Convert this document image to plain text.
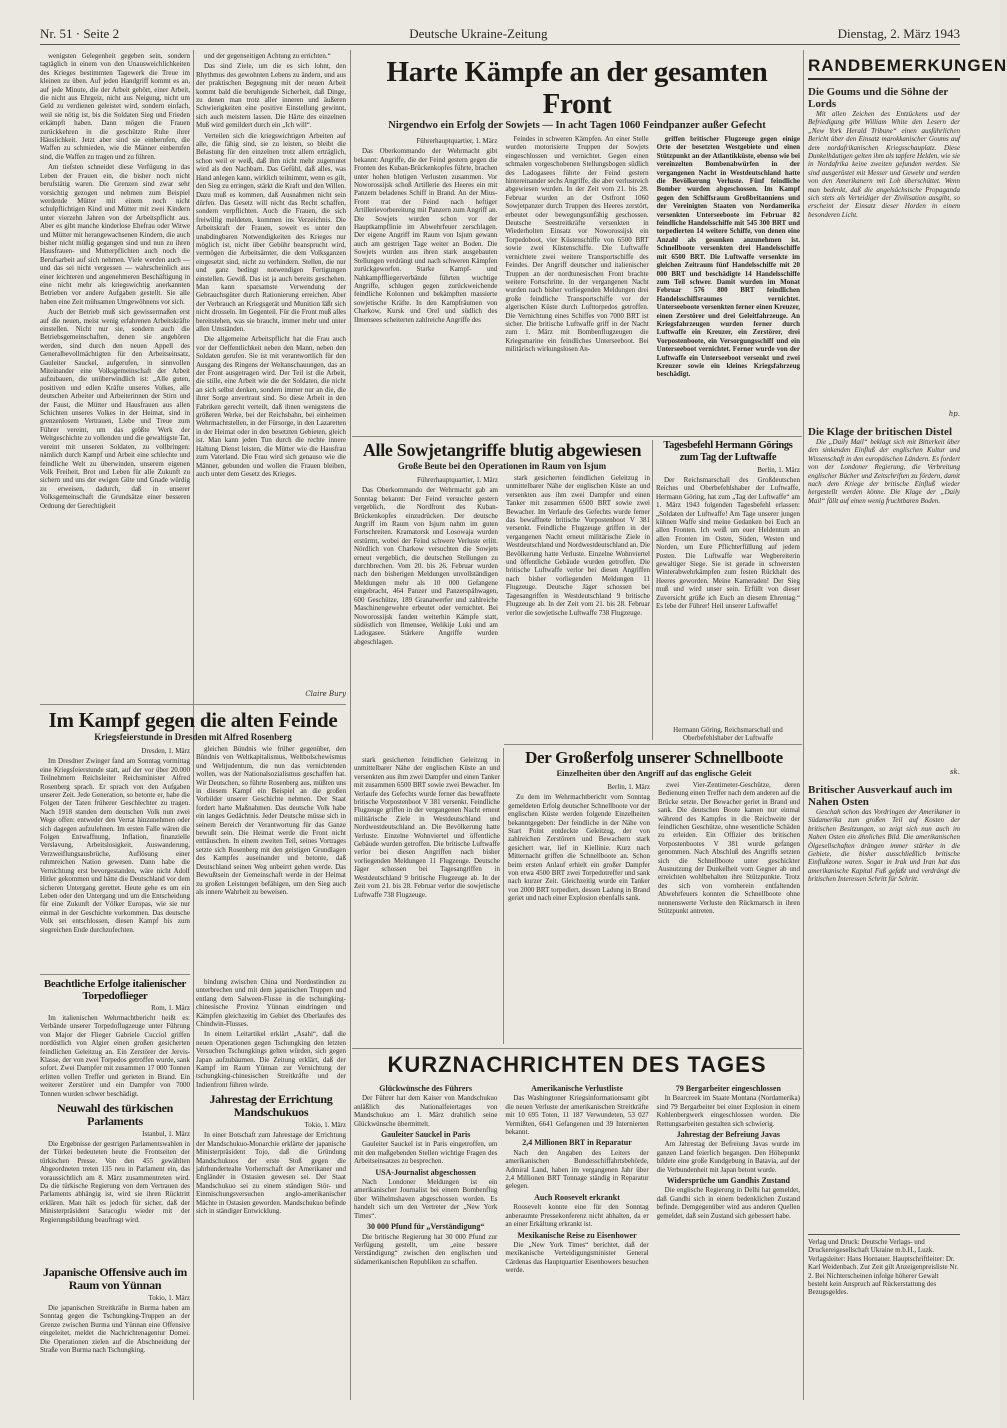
Nr. 51 · Seite 2	Deutsche Ukraine-Zeitung	Dienstag, 2. März 1943

wenigsten Gelegenheit gegeben sein, sondern tagtäglich in einem von den Unausweichlichkeiten des Krieges bestimmten Tagewerk die Treue im kleinen zu üben. Auf jeden Handgriff kommt es an, auf jede Minute, die der Arbeit gehört, einer Arbeit, die nicht aus Ehrgeiz, nicht aus Neigung, nicht um Geld zu verdienen geleistet wird, sondern einfach, weil sie nötig ist, bis die Soldaten Sieg und Frieden erkämpft haben. Dann mögen die Frauen zurückkehren in die geschützte Ruhe ihrer Häuslichkeit. Jetzt aber sind sie einberufen, die Waffen zu schmieden, wie die Männer einberufen sind, die Waffen zu tragen und zu führen.

Am tiefsten schneidet diese Verfügung in das Leben der Frauen ein, die bisher noch nicht berufstätig waren. Die Grenzen sind zwar sehr vorsichtig gezogen und nehmen zum Beispiel werdende Mütter mit einem noch nicht schulpflichtigen Kind und Mütter mit zwei Kindern unter vierzehn Jahren von der Arbeitspflicht aus. Aber es gibt manche kinderlose Ehefrau oder Witwe und Mütter mit herangewachsenen Kindern, die auch bisher nicht müßig gegangen sind und nun zu ihren Hausfrauen- und Mutterpflichten auch noch die Berufsarbeit auf sich nehmen. Viele werden auch — und das sei nicht vergessen — wahrscheinlich aus einer leichteren und angenehmeren Beschäftigung in eine nicht mehr als kriegswichtig anerkannten Betrieben vor andere Aufgaben gestellt. Sie alle haben eine Zeit mühsamen Umgewöhnens vor sich.

Auch der Betrieb muß sich gewissermaßen erst auf die neuen, meist wenig erfahrenen Arbeitskräfte einstellen. Nicht nur sie, sondern auch die Betriebsgemeinschaften, denen sie angehören werden, sind durch den neuen Appell des Generalbevollmächtigten für den Arbeitseinsatz, Gauleiter Sauckel, aufgerufen, in sinnvollen Miteinander eine Volksgemeinschaft der Arbeit aufzubauen, die unüberwindlich ist: „Alle guten, positiven und edlen Kräfte unseres Volkes, alle deutschen Arbeiter und Arbeiterinnen der Stirn und der Faust, die Mütter und Hausfrauen aus allen Schichten unseres Volkes in der Heimat, sind in grenzenlosem Vertrauen, Liebe und Treue zum Führer vereint, um das größte Werk der Weltgeschichte zu vollenden und die gewaltigste Tat, vereint mit unseren Soldaten, zu vollbringen: nämlich durch Kampf und Arbeit eine schlechte und feindliche Welt zu überwinden, unserem eigenen Volk Freiheit, Brot und Leben für alle Zukunft zu sichern und uns der ewigen Güte und Gnade würdig zu erweisen, dadurch, daß in unserer Volksgemeinschaft die Grundsätze einer besseren Ordnung der Gerechtigkeit

und der gegenseitigen Achtung zu errichten.“

Das sind Ziele, um die es sich lohnt, den Rhythmus des gewohnten Lebens zu ändern, und aus der praktischen Begegnung mit der neuen Arbeit kommt bald die beruhigende Sicherheit, daß Dinge, zu denen man trotz aller inneren und äußeren Schwierigkeiten eine positive Einstellung gewinnt, sich auch meistern lassen. Die Härte des einzelnen Muß wird gemildert durch ein „Ich will“.

Verteilen sich die kriegswichtigen Arbeiten auf alle, die fähig sind, sie zu leisten, so bleibt die Belastung für den einzelnen trotz allem erträglich, schon weil er weiß, daß ihm nicht mehr zugemutet wird als den Nachbarn. Das Gefühl, daß alles, was Hand anlegen kann, wirklich teilnimmt, wenn es gilt, den Sieg zu erringen, stärkt die Kraft und den Willen. Dazu muß es kommen, daß Ausnahmen nicht sein dürfen. Das Gesetz will nicht das Recht schaffen, sondern verpflichten. Auch die Frauen, die sich freiwillig meldeten, kommen ins Verzeichnis. Die Arbeitskraft der Frauen, soweit es unter den unabdingbaren Notwendigkeiten des Krieges nur möglich ist, nicht über Gebühr beansprucht wird, vermögen die Arbeitsämter, die dem Volksganzen eingesetzt sind, nicht zu verhindern. Stellen, die nur und ganz bedingt notwendigen Fertigungen einstellen. Gewiß. Das ist ja auch bereits geschehen. Man kann sparsamste Verwendung der Gebrauchsgüter durch Rationierung erreichen. Aber der Verbrauch an Kriegsgerät und Munition läßt sich nicht drosseln. Im Gegenteil. Für die Front muß alles bereitstehen, was sie braucht, immer mehr und unter allen Umständen.

Die allgemeine Arbeitspflicht hat die Frau auch vor der Oeffentlichkeit neben den Mann, neben den Soldaten gerufen. Sie ist mit verantwortlich für den Ausgang des Ringens der Weltanschauungen, das an der Front ausgetragen wird. Der Teil ist die Arbeit, die stille, eine Arbeit wie die der Soldaten, die nicht an sich selbst denken, sondern immer nur an die, die ihrer Sorge anvertraut sind. So diese Arbeit in den Fabriken gerecht verteilt, daß ihnen wenigstens die größeren Werke, bei der Reichsbahn, bei einheimen Wehrmachtstellen, in der Fürsorge, in den Lazaretten in der Heimat oder in den besetzten Gebieten, gleich ist. Man kann jeden Tun durch die rechte innere Haltung Dienst leisten, die Mütter wie die Hausfrau zum Vaterland. Die Frau wird sich genauso wie die Männer, gebunden und wollen die Frauen bleiben, auch unter dem Gesetz des Krieges.

Claire Bury
Im Kampf gegen die alten Feinde
Kriegsfeierstunde in Dresden mit Alfred Rosenberg
Dresden, 1. März

Im Dresdner Zwinger fand am Sonntag vormittag eine Kriegsfeierstunde statt, auf der vor über 20.000 Teilnehmern Reichsleiter Reichsminister Alfred Rosenberg sprach. Er sprach von den Aufgaben unserer Zeit. Jede Generation, so betonte er, habe die Folgen der Taten früherer Geschlechter zu tragen. Nach 1918 standen dem deutschen Volk nun zwei Wege offen: entweder den Verrat hinzunehmen oder sich dagegen aufzulehnen. Im ersten Falle wären die Folgen Entwaffnung, Inflation, finanzielle Verslavung, Arbeitslosigkeit, Auswanderung, Verzweiflungsausbrüche, Auflösung einer ruhmreichen Nation gewesen. Dann habe die Vernichtung erst bevorgestanden, wäre nicht Adolf Hitler gekommen und hätte die Deutschland vor dem sicheren Untergang gerettet. Heute gehe es um ein Leben oder den Untergang und um die Entscheidung für eine Zukunft der Völker Europas, wie sie nur einmal in der Geschichte vorkommen. Das deutsche Volk sei entschlossen, diesen Kampf bis zum siegreichen Ende durchzufechten.

gleichen Bündnis wie früher gegenüber, den Bündnis von Weltkapitalismus, Weltbolschewismus und Weltjudentum, die nun das vernichtenden wollen, was der Nationalsozialismus geschaffen hat. Wir Deutschen, so führte Rosenberg aus, müßten uns in diesem Kampf ein Beispiel an die großen Vorbilder unserer Geschichte nehmen. Der Staat fordert harte Maßnahmen. Das deutsche Volk habe ein langes Gedächtnis. Jeder Deutsche müsse sich in seinem Bereich der Verantwortung für das Ganze bewußt sein. Die Heimat werde die Front nicht enttäuschen. In einem zweiten Teil, seines Vortrages setzte sich Rosenberg mit den geistigen Grundlagen des Kampfes auseinander und betonte, daß Deutschland seinen Weg unbeirrt gehen werde. Das Bewußtsein der Gemeinschaft werde in der Heimat zu großen Leistungen befähigen, um den Sieg auch als innere Wahrheit zu beweisen.

Beachtliche Erfolge italienischer Torpedoflieger
Rom, 1. März

Im italienischen Wehrmachtbericht heißt es: Verbände unserer Torpedoflugzeuge unter Führung von Major der Flieger Gabriele Cucciol griffen nordöstlich von Algier einen großen gesicherten feindlichen Geleitzug an. Ein Zerstörer der Jervis-Klasse, der von zwei Torpedos getroffen wurde, sank sofort. Zwei Dampfer mit zusammen 17 000 Tonnen erlitten vollen Treffer und gerieten in Brand. Ein weiterer Zerstörer und ein Dampfer von 7000 Tonnen wurden schwer beschädigt.

Neuwahl des türkischen Parlaments
Istanbul, 1. März

Die Ergebnisse der gestrigen Parlamentswahlen in der Türkei bedeuteten heute die Frontseiten der türkischen Presse. Von den 455 gewählten Abgeordneten treten 135 neu in Parlament ein, das voraussichtlich am 8. März zusammentreten wird. Da die türkische Regierung von dem Vertrauen des Parlaments abhängig ist, wird sie ihren Rücktritt erklären. Man hält es jedoch für sicher, daß der Ministerpräsident Saracoglu wieder mit der Regierungsbildung beauftragt wird.

Japanische Offensive auch im Raum von Yünnan
Tokio, 1. März

Die japanischen Streitkräfte in Burma haben am Sonntag gegen die Tschungking-Truppen an der Grenze zwischen Burma und Yünnan eine Offensive eingeleitet, meldet die Nachrichtenagentur Domei. Die Operationen zielen auf die Abschneidung der Straße von Burma nach Tschungking.

bindung zwischen China und Nordostindien zu unterbrechen und mit dem japanischen Truppen und entlang dem Salween-Flusse in die tschungking-chinesische Provinz Yünnan eindringen und Kämpfen gleichzeitig im Gebiet des Oberlaufes des Chindwin-Flusses.

In einem Leitartikel erklärt „Asahi“, daß die neuen Operationen gegen Tschungking den letzten Versuchen Tschungkings gelten würden, sich gegen Japan aufzubäumen. Die Zeitung erklärt, daß der Kampf im Raum Yünnan zur Vernichtung der tschungking-chinesischen Streitkräfte und der Indienfront führen würde.

Jahrestag der Errichtung Mandschukuos
Tokio, 1. März

In einer Botschaft zum Jahrestage der Errichtung der Mandschukuo-Monarchie erklärte der japanische Ministerpräsident Tojo, daß die Gründung Mandschukuos der erste Stoß gegen die jahrhundertealte Vorherrschaft der Amerikaner und Engländer in Ostasien gewesen sei. Der Staat Mandschukuo sei zu einem ständigen Stör- und Einmischungsversuchen anglo-amerikanischer Mächte in Ostasien geworden. Mandschukuo befinde sich in ständiger Entwicklung.

Harte Kämpfe an der gesamten Front
Nirgendwo ein Erfolg der Sowjets — In acht Tagen 1060 Feindpanzer außer Gefecht
Führerhauptquartier, 1. März

Das Oberkommando der Wehrmacht gibt bekannt: Angriffe, die der Feind gestern gegen die Fronten des Kuban-Brückenkopfes führte, brachen unter hohen blutigen Verlusten zusammen. Vor Noworossijsk schoß Artillerie des Heeres ein mit Panzern beladenes Schiff in Brand. An der Mius-Front trat der Feind nach heftiger Artillerievorbereitung mit Panzern zum Angriff an. Die Sowjets wurden schon vor der Hauptkampflinie im Abwehrfeuer zerschlagen. Der eigene Angriff im Raum von Isjum gewann auch am gestrigen Tage weiter an Boden. Die Sowjets wurden aus ihren stark ausgebauten Stellungen verdrängt und nach schweren Kämpfen zurückgeworfen. Starke Kampf- und Nahkampffliegerverbände führten wuchtige Angriffe, schlugen gegen zurückweichende feindliche Kolonnen und bekämpften massierte sowjetische Kräfte. In den Kampfräumen von Charkow, Kursk und Orel und südlich des Ilmensees scheiterten zahlreiche Angriffe des

Feindes in schweren Kämpfen. An einer Stelle wurden motorisierte Truppen der Sowjets eingeschlossen und vernichtet. Gegen einen schmalen vorgeschobenen Stellungsbogen südlich des Ladogasees führte der Feind gestern hintereinander sechs Angriffe, die aber verlustreich abgewiesen wurden. In der Zeit vom 21. bis 28. Februar wurden an der Ostfront 1060 Sowjetpanzer durch Truppen des Heeres zerstört, erbeutet oder bewegungsunfähig geschossen. Deutsche Seestreitkräfte versenkten in Wiederholten Einsatz vor Noworossijsk ein Torpedoboot, vier Küstenschiffe von 6500 BRT sowie zwei Küstenschiffe. Die Luftwaffe vernichtete zwei weitere Transportschiffe des Feindes. Der Angriff deutscher und italienischer Truppen an der nordtunesischen Front brachte weitere Fortschritte. In der vergangenen Nacht wurden nach bisher vorliegenden Meldungen drei große feindliche Transportschiffe vor der algerischen Küste durch Lufttorpedos getroffen. Die Vernichtung eines Schiffes von 7000 BRT ist sicher. Die britische Luftwaffe griff in der Nacht zum 1. März mit Bombenflugzeugen die Kriegsmarine ein feindliches Unterseeboot. Bei militärisch wirkungslosen An-

griffen britischer Flugzeuge gegen einige Orte der besetzten Westgebiete und einen Stützpunkt an der Atlantikküste, ebenso wie bei vereinzelten Bombenabwürfen in der vergangenen Nacht in Westdeutschland hatte die Bevölkerung Verluste. Fünf feindliche Bomber wurden abgeschossen. Im Kampf gegen den Schiffsraum Großbritanniens und der Vereinigten Staaten von Nordamerika versenkten Unterseeboote im Februar 82 feindliche Handelsschiffe mit 545 300 BRT und torpedierten 14 weitere Schiffe, von denen eine Anzahl als gesunken anzunehmen ist. Schnellboote versenkten drei Handelsschiffe mit 6500 BRT. Die Luftwaffe versenkte im gleichen Zeitraum fünf Handelsschiffe mit 20 000 BRT und beschädigte 14 Handelsschiffe zum Teil schwer. Damit wurden im Monat Februar 576 800 BRT feindlichen Handelsschiffsraumes vernichtet. Unterseeboote versenkten ferner einen Kreuzer, einen Zerstörer und drei Geleitfahrzeuge. An Kriegsfahrzeugen wurden ferner durch Luftwaffe ein Kreuzer, ein Zerstörer, drei Vorpostenboote, ein Versorgungsschiff und ein Unterseeboot vernichtet. Ferner wurde von der Luftwaffe ein Unterseeboot versenkt und zwei Kreuzer sowie ein kleines Kriegsfahrzeug beschädigt.

Alle Sowjetangriffe blutig abgewiesen
Große Beute bei den Operationen im Raum von Isjum
Führerhauptquartier, 1. März

Das Oberkommando der Wehrmacht gab am Sonntag bekannt: Der Feind versuchte gestern vergeblich, die Nordfront des Kuban-Brückenkopfes einzudrücken. Der deutsche Angriff im Raum von Isjum nahm im guten Fortschreiten. Kramatorsk und Losowaja wurden erstürmt, wobei der Feind schwere Verluste erlitt. Nördlich von Charkow versuchten die Sowjets erneut vergeblich, die deutschen Stellungen zu durchbrechen. Vom 20. bis 26. Februar wurden nach den bisherigen Meldungen unvollständigen Meldungen mehr als 10 000 Gefangene eingebracht, 464 Panzer und Panzerspähwagen, 600 Geschütze, 189 Granatwerfer und zahlreiche Maschinengewehre erbeutet oder vernichtet. Bei Noworossijsk fanden weiterhin Kämpfe statt, südöstlich von Ilmensee, Welikije Luki und am Ladogasee. Stärkere Angriffe wurden abgeschlagen.

stark gesicherten feindlichen Geleitzug in unmittelbarer Nähe der englischen Küste an und versenkten aus ihm zwei Dampfer und einen Tanker mit zusammen 6500 BRT sowie zwei Bewacher. Im Verlaufe des Gefechts wurde ferner das bewaffnete britische Vorpostenboot V 381 versenkt. Feindliche Flugzeuge griffen in der vergangenen Nacht erneut militärische Ziele in Westdeutschland und Nordwestdeutschland an. Die Bevölkerung hatte Verluste. Einzelne Wohnviertel und öffentliche Gebäude wurden getroffen. Die britische Luftwaffe verlor bei diesen Angriffen nach bisher vorliegenden Meldungen 11 Flugzeuge. Deutsche Jäger schossen bei Tagesangriffen in Westdeutschland 9 britische Flugzeuge ab. In der Zeit vom 21. bis 28. Februar verlor die sowjetische Luftwaffe 738 Flugzeuge.

Tagesbefehl Hermann Görings zum Tag der Luftwaffe
Berlin, 1. März

Der Reichsmarschall des Großdeutschen Reiches und Oberbefehlshaber der Luftwaffe, Hermann Göring, hat zum „Tag der Luftwaffe“ am 1. März 1943 folgenden Tagesbefehl erlassen: „Soldaten der Luftwaffe! Am Tage unserer jungen kühnen Waffe sind meine Gedanken bei Euch an allen Fronten. Ich weiß um euer Heldentum an allen Fronten im Osten, Süden, Westen und Norden, um Eure Pflichterfüllung auf jedem Posten. Die Luftwaffe war Wegbereiterin gewaltiger Siege. Sie ist gerade in schwersten Winterabwehrkämpfen zum festen Rückhalt des Heeres geworden. Meine Kameraden! Der Sieg muß und wird unser sein. Erfüllt von dieser Zuversicht grüße ich Euch an diesem Ehrentag.“ Es lebe der Führer! Heil unserer Luftwaffe!

Hermann Göring, Reichsmarschall und Oberbefehlshaber der Luftwaffe
Der Großerfolg unserer Schnellboote
Einzelheiten über den Angriff auf das englische Geleit
Berlin, 1. März

Zu dem im Wehrmachtbericht vom Sonntag gemeldeten Erfolg deutscher Schnellboote vor der englischen Küste werden folgende Einzelheiten bekanntgegeben: Der feindliche in der Nähe von Start Point entdeckte Geleitzug, der von zahlreichen Zerstörern und Bewachern stark gesichert war, lief in Kiellinie. Kurz nach Mitternacht griffen die Schnellboote an. Schon beim ersten Anlauf erhielt ein großer Dampfer von etwa 4500 BRT zwei Torpedotreffer und sank nach kurzer Zeit. Gleichzeitig wurde ein Tanker von 2000 BRT torpediert, dessen Ladung in Brand geriet und nach einer Explosion ebenfalls sank.

zwei Vier-Zentimeter-Geschütze, deren Bedienung einen Treffer nach dem anderen auf die Brücke setzte. Der Bewacher geriet in Brand und sank. Die deutschen Boote kamen nur einmal während des Kampfes in die Reichweite der feindlichen Geschütze, ohne wesentliche Schäden zu erleiden. Ein Offizier des britischen Vorpostenbootes V 381 wurde gefangen genommen. Nach Abschluß des Angriffs setzten sich die Schnellboote unter geschickter Ausnutzung der Dunkelheit vom Gegner ab und erreichten wohlbehalten ihre Stützpunkte. Trotz des sich von vornherein entfaltenden Abwehrfeuers konnten die Schnellboote ohne nennenswerte Verluste den Rückmarsch in ihren Stützpunkt antreten.

stark gesicherten feindlichen Geleitzug in unmittelbarer Nähe der englischen Küste an und versenkten aus ihm zwei Dampfer und einen Tanker mit zusammen 6500 BRT sowie zwei Bewacher. Im Verlaufe des Gefechts wurde ferner das bewaffnete britische Vorpostenboot V 381 versenkt. Feindliche Flugzeuge griffen in der vergangenen Nacht erneut militärische Ziele in Westdeutschland und Nordwestdeutschland an. Die Bevölkerung hatte Verluste. Einzelne Wohnviertel und öffentliche Gebäude wurden getroffen. Die britische Luftwaffe verlor bei diesen Angriffen nach bisher vorliegenden Meldungen 11 Flugzeuge. Deutsche Jäger schossen bei Tagesangriffen in Westdeutschland 9 britische Flugzeuge ab. In der Zeit vom 21. bis 28. Februar verlor die sowjetische Luftwaffe 738 Flugzeuge.

KURZNACHRICHTEN DES TAGES
Glückwünsche des Führers

Der Führer hat dem Kaiser von Mandschukuo anläßlich des Nationalfeiertages von Mandschukuo am 1. März drahtlich seine Glückwünsche übermittelt.

Gauleiter Sauckel in Paris

Gauleiter Sauckel ist in Paris eingetroffen, um mit den maßgebenden Stellen wichtige Fragen des Arbeitseinsatzes zu besprechen.

USA-Journalist abgeschossen

Nach Londoner Meldungen ist ein amerikanischer Journalist bei einem Bombenflug über Wilhelmshaven abgeschossen worden. Es handelt sich um den Vertreter der „New York Times“.

30 000 Pfund für „Verständigung“

Die britische Regierung hat 30 000 Pfund zur Verfügung gestellt, um „eine bessere Verständigung“ zwischen den englischen und südamerikanischen Republiken zu schaffen.

Amerikanische Verlustliste

Das Washingtoner Kriegsinformationsamt gibt die neuen Verluste der amerikanischen Streitkräfte mit 10 695 Toten, 11 187 Verwundeten, 53 027 Vermißten, 6641 Gefangenen und 39 Internierten bekannt.

2,4 Millionen BRT in Reparatur

Nach den Angaben des Leiters der amerikanischen Bundesschiffahrtsbehörde, Admiral Land, haben im vergangenen Jahr über 2,4 Millionen BRT Tonnage ständig in Reparatur gelegen.

Auch Roosevelt erkrankt

Roosevelt konnte eine für den Sonntag anberaumte Pressekonferenz nicht abhalten, da er an einer Erkältung erkrankt ist.

Mexikanische Reise zu Eisenhower

Die „New York Times“ berichtet, daß der mexikanische Verteidigungsminister General Cárdenas das Hauptquartier Eisenhowers besuchen werde.

79 Bergarbeiter eingeschlossen

In Bearcreek im Staate Montana (Nordamerika) sind 79 Bergarbeiter bei einer Explosion in einem Kohlenbergwerk eingeschlossen worden. Die Rettungsarbeiten gestalten sich schwierig.

Jahrestag der Befreiung Javas

Am Jahrestag der Befreiung Javas wurde im ganzen Land feierlich begangen. Den Höhepunkt bildete eine große Kundgebung in Batavia, auf der die Verbundenheit mit Japan betont wurde.

Widersprüche um Gandhis Zustand

Die englische Regierung in Delhi hat gemeldet, daß Gandhi sich in einem bedenklichen Zustand befinde. Demgegenüber wird aus anderen Quellen gemeldet, daß sein Zustand sich gebessert habe.

RANDBEMERKUNGEN
Die Goums und die Söhne der Lords

Mit allen Zeichen des Entzückens und der Befriedigung gibt William White den Lesern der „New York Herald Tribune“ einen ausführlichen Bericht über den Einsatz marokkanischer Goums auf dem nordafrikanischen Kriegsschauplatz. Diese Dunkelhäutigen gelten ihm als tapfere Helden, wie sie in Nordafrika keine zweiten gefunden werden. Sie sind ausgerüstet mit Messer und Gewehr und werden von den Amerikanern mit Lob überschüttet. Wenn man bedenkt, daß die angelsächsische Propaganda sich stets als Verteidiger der Zivilisation ausgibt, so erscheint der Einsatz dieser Horden in einem besonderen Licht.

hp.
Die Klage der britischen Distel

Die „Daily Mail“ beklagt sich mit Bitterkeit über den sinkenden Einfluß der englischen Kultur und Wissenschaft in den europäischen Ländern. Es fordert von der Londoner Regierung, die Verbreitung englischer Bücher und Zeitschriften zu fördern, damit nach dem Kriege der britische Einfluß wieder hergestellt werden könne. Die Klage der „Daily Mail“ fällt auf einen wenig fruchtbaren Boden.

sk.
Britischer Ausverkauf auch im Nahen Osten

Geschah schon das Vordringen der Amerikaner in Südamerika zum großen Teil auf Kosten der britischen Besitzungen, so zeigt sich nun auch im Nahen Osten ein ähnliches Bild. Die amerikanischen Ölgesellschaften drängen immer stärker in die Gebiete, die bisher ausschließlich britische Einflußzone waren. Sogar in Irak und Iran hat das amerikanische Kapital Fuß gefaßt und verdrängt die britischen Interessen Schritt für Schritt.

Verlag und Druck: Deutsche Verlags- und Druckereigesellschaft Ukraine m.b.H., Luzk. Verlagsleiter: Hans Hornauer. Hauptschriftleiter: Dr. Karl Weidenbach. Zur Zeit gilt Anzeigenpreisliste Nr. 2. Bei Nichterscheinen infolge höherer Gewalt besteht kein Anspruch auf Rückerstattung des Bezugsgeldes.
